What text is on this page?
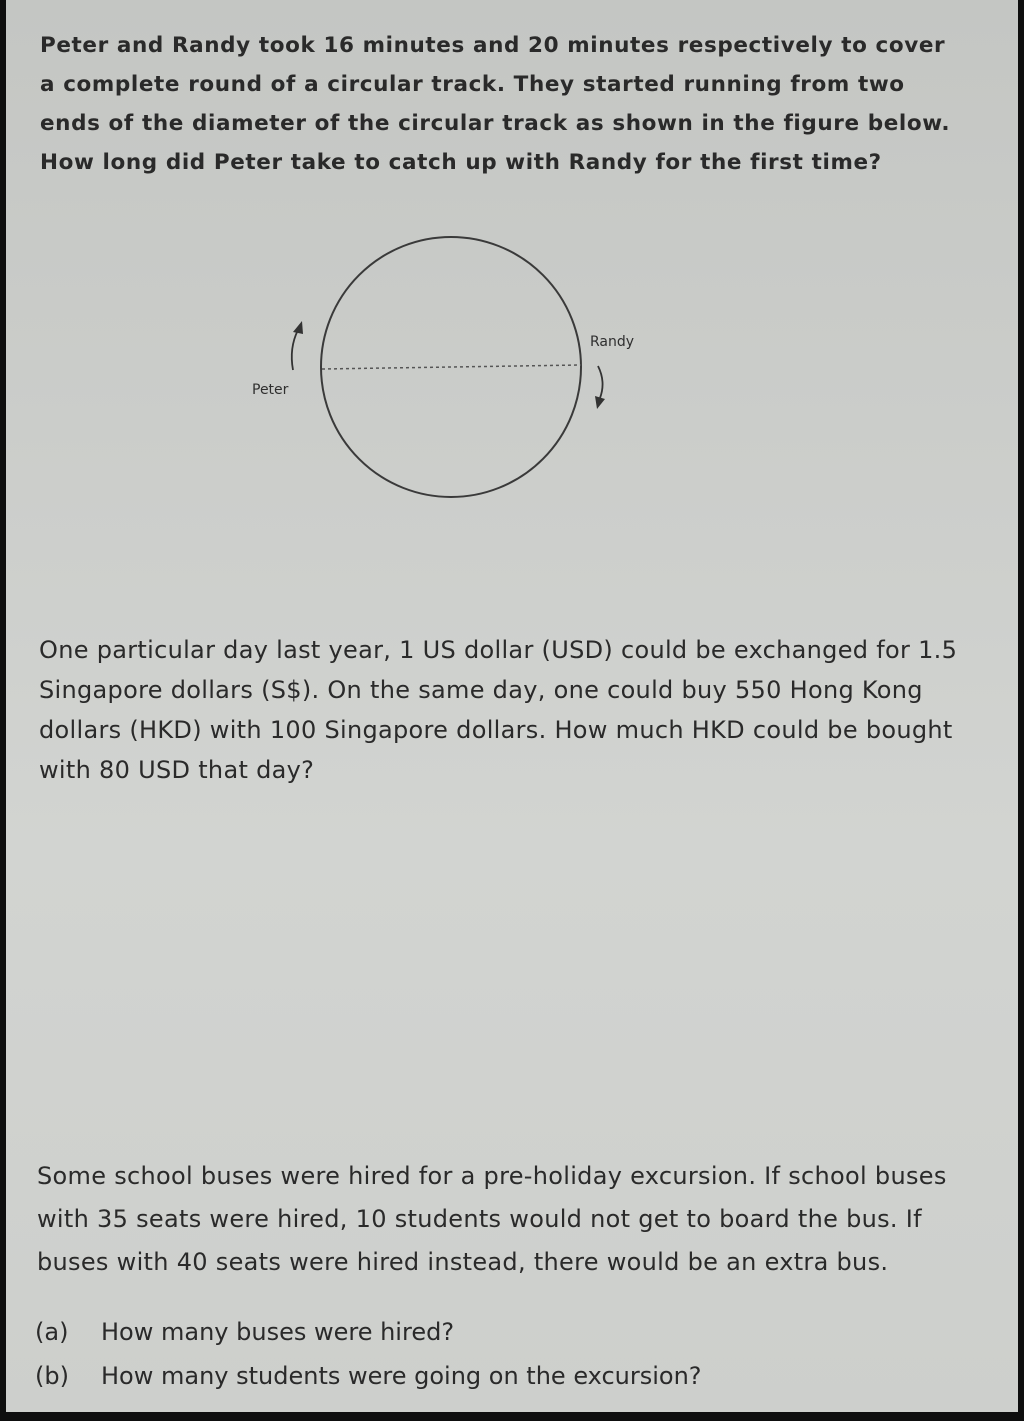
Peter and Randy took 16 minutes and 20 minutes respectively to cover a complete round of a circular track. They started running from two ends of the diameter of the circular track as shown in the figure below. How long did Peter take to catch up with Randy for the first time?

Peter
Randy

One particular day last year, 1 US dollar (USD) could be exchanged for 1.5 Singapore dollars (S$). On the same day, one could buy 550 Hong Kong dollars (HKD) with 100 Singapore dollars. How much HKD could be bought with 80 USD that day?

Some school buses were hired for a pre-holiday excursion. If school buses with 35 seats were hired, 10 students would not get to board the bus. If buses with 40 seats were hired instead, there would be an extra bus.

(a) How many buses were hired?
(b) How many students were going on the excursion?
